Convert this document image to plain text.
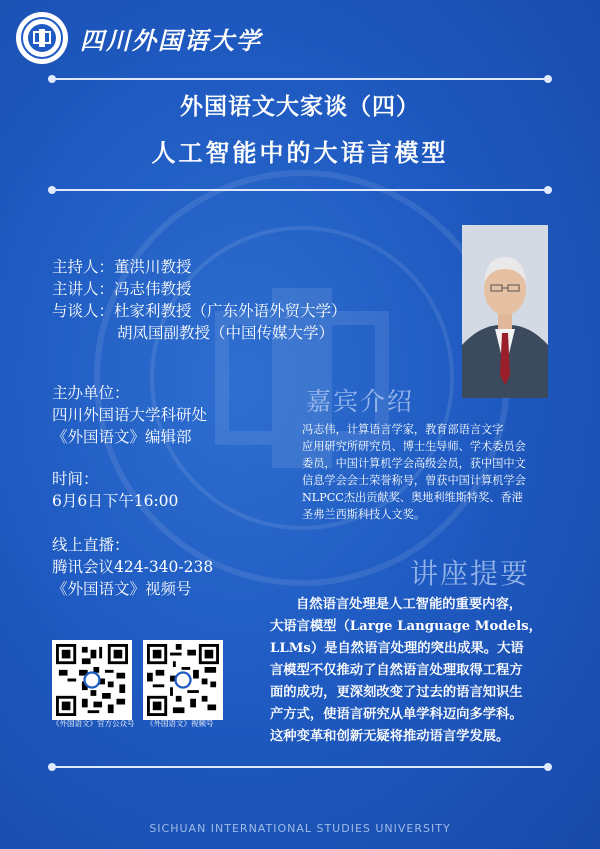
四川外国语大学
外国语文大家谈（四）
人工智能中的大语言模型
主持人：董洪川教授
主讲人：冯志伟教授
与谈人：杜家利教授（广东外语外贸大学）
胡凤国副教授（中国传媒大学）
主办单位：
四川外国语大学科研处
《外国语文》编辑部
时间：
6月6日下午16:00
线上直播：
腾讯会议424-340-238
《外国语文》视频号
嘉宾介绍
冯志伟，计算语言学家，教育部语言文字
应用研究所研究员、博士生导师、学术委员会
委员，中国计算机学会高级会员，获中国中文
信息学会会士荣誉称号，曾获中国计算机学会
NLPCC杰出贡献奖、奥地利维斯特奖、香港
圣弗兰西斯科技人文奖。
讲座提要
自然语言处理是人工智能的重要内容，
大语言模型（Large Language Models，
LLMs）是自然语言处理的突出成果。大语
言模型不仅推动了自然语言处理取得工程方
面的成功，更深刻改变了过去的语言知识生
产方式，使语言研究从单学科迈向多学科。
这种变革和创新无疑将推动语言学发展。
《外国语文》官方公众号 《外国语文》视频号
SICHUAN INTERNATIONAL STUDIES UNIVERSITY
